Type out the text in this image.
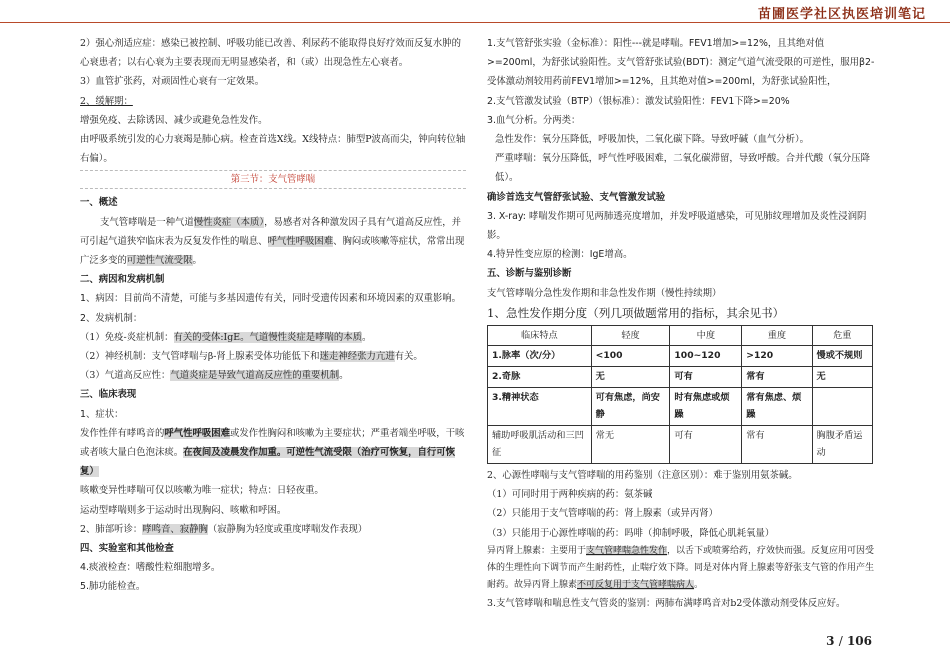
苗圃医学社区执医培训笔记

2）强心剂适应症：感染已被控制、呼吸功能已改善、利尿药不能取得良好疗效而反复水肿的心衰患者；以右心衰为主要表现而无明显感染者，和（或）出现急性左心衰者。

3）血管扩张药，对顽固性心衰有一定效果。

2、缓解期：

增强免疫、去除诱因、减少或避免急性发作。

由呼吸系统引发的心力衰竭是肺心病。检查首选X线。X线特点：肺型P波高而尖，钟向转位轴右偏）。

第三节：支气管哮喘

一、概述

支气管哮喘是一种气道慢性炎症（本质），易感者对各种激发因子具有气道高反应性，并可引起气道狭窄临床表为反复发作性的喘息、呼气性呼吸困难、胸闷或咳嗽等症状，常常出现广泛多变的可逆性气流受限。

二、病因和发病机制

1、病因：目前尚不清楚，可能与多基因遗传有关，同时受遗传因素和环境因素的双重影响。

2、发病机制：

（1）免疫-炎症机制：有关的受体:IgE。气道慢性炎症是哮喘的本质。

（2）神经机制：支气管哮喘与β-肾上腺素受体功能低下和迷走神经张力亢进有关。

（3）气道高反应性：气道炎症是导致气道高反应性的重要机制。

三、临床表现

1、症状：

发作性伴有哮鸣音的呼气性呼吸困难或发作性胸闷和咳嗽为主要症状；严重者端坐呼吸，干咳或者咳大量白色泡沫痰。在夜间及凌晨发作加重。可逆性气流受限（治疗可恢复，自行可恢复）

咳嗽变异性哮喘可仅以咳嗽为唯一症状；特点：日轻夜重。

运动型哮喘则多于运动时出现胸闷、咳嗽和呼困。

2、肺部听诊：哮鸣音、寂静胸（寂静胸为轻度或重度哮喘发作表现）

四、实验室和其他检查

4.痰液检查：嗜酸性粒细胞增多。

5.肺功能检查。

1.支气管舒张实验（金标准）：阳性---就是哮喘。FEV1增加>=12%，且其绝对值>=200ml，为舒张试验阳性。支气管舒张试验(BDT)：测定气道气流受限的可逆性，服用β2-受体激动剂较用药前FEV1增加>=12%，且其绝对值>=200ml，为舒张试验阳性，

2.支气管激发试验（BTP）（银标准）：激发试验阳性：FEV1下降>=20%

3.血气分析。分两类：

急性发作：氧分压降低，呼吸加快，二氧化碳下降。导致呼碱（血气分析）。

严重哮喘：氧分压降低，呼气性呼吸困难，二氧化碳滞留，导致呼酸。合并代酸（氧分压降低）。

确诊首选支气管舒张试验、支气管激发试验

3. X-ray: 哮喘发作期可见两肺透亮度增加，并发呼吸道感染，可见肺纹理增加及炎性浸润阴影。

4.特异性变应原的检测：IgE增高。

五、诊断与鉴别诊断

支气管哮喘分急性发作期和非急性发作期（慢性持续期）

1、急性发作期分度（列几项做题常用的指标，其余见书）

临床特点	轻度	中度	重度	危重
1.脉率（次/分）	<100	100~120	>120	慢或不规则
2.奇脉	无	可有	常有	无
3.精神状态	可有焦虑，尚安静	时有焦虑或烦躁	常有焦虑、烦躁	
辅助呼吸肌活动和三凹征	常无	可有	常有	胸腹矛盾运动

2、心源性哮喘与支气管哮喘的用药鉴别（注意区别）：难于鉴别用氨茶碱。

（1）可同时用于两种疾病的药：氨茶碱

（2）只能用于支气管哮喘的药：肾上腺素（或异丙肾）

（3）只能用于心源性哮喘的药：吗啡（抑制呼吸，降低心肌耗氧量）

异丙肾上腺素：主要用于支气管哮喘急性发作，以舌下或喷雾给药，疗效快而强。反复应用可因受体的生理性向下调节而产生耐药性，止喘疗效下降。同是对体内肾上腺素等舒张支气管的作用产生耐药。故异丙肾上腺素不可反复用于支气管哮喘病人。

3.支气管哮喘和喘息性支气管炎的鉴别：两肺布满哮鸣音对b2受体激动剂受体反应好。

3 / 106
